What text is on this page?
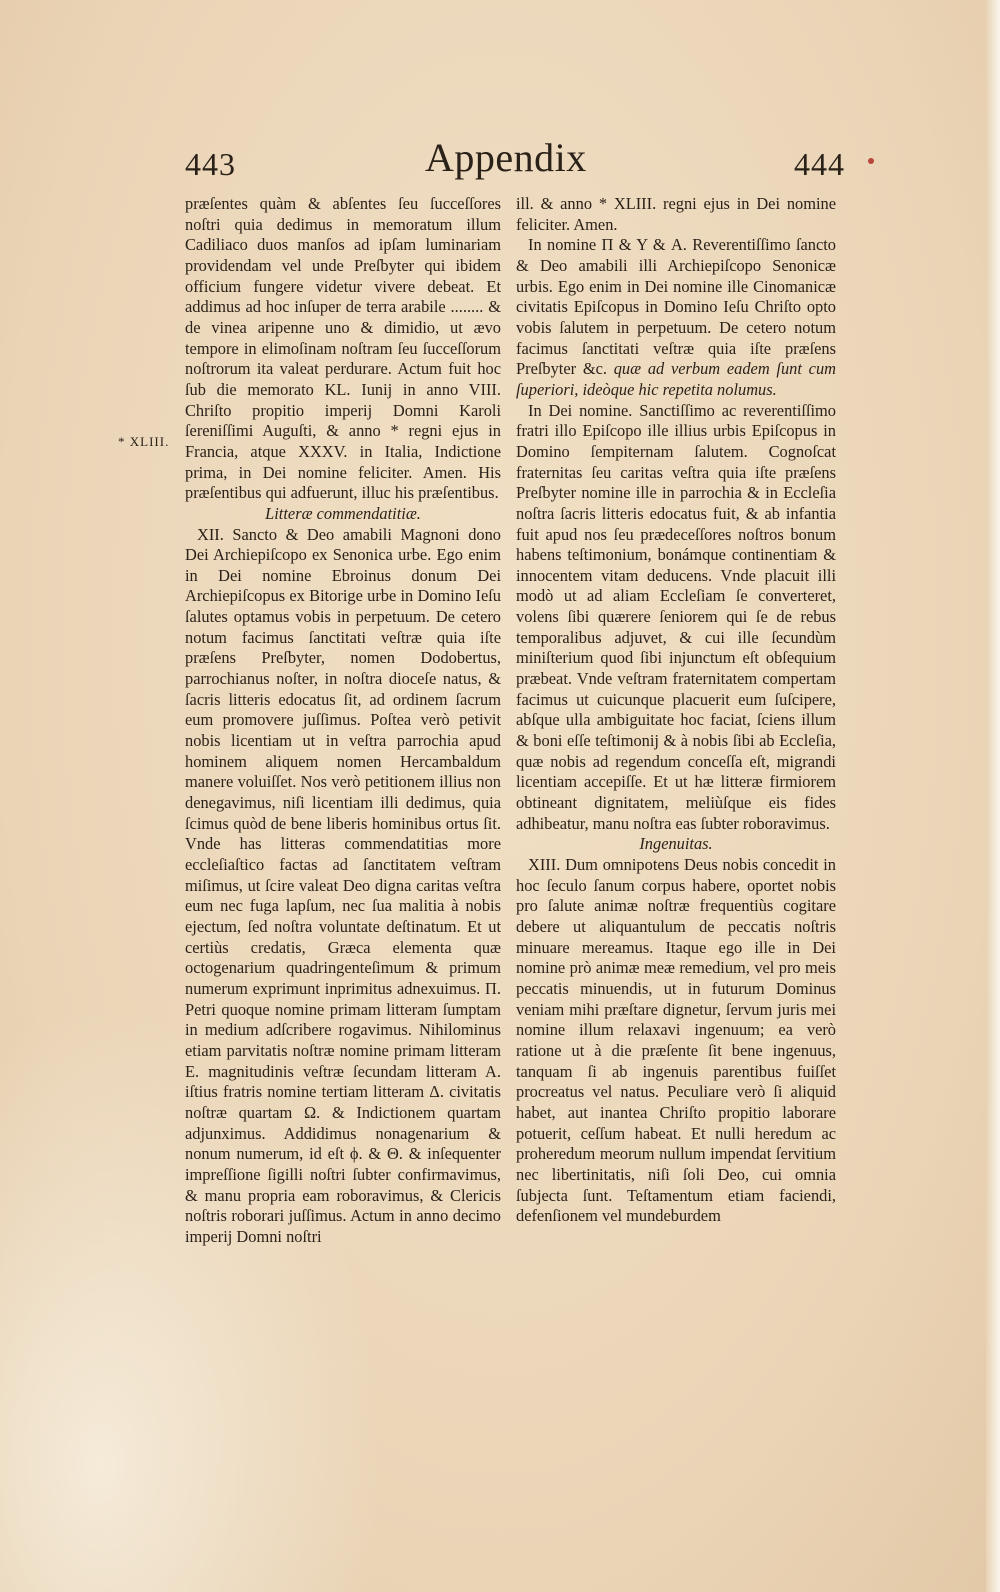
443	Appendix	444
* XLIII.

præſentes quàm & abſentes ſeu ſucceſſores noſtri quia dedimus in memoratum illum Cadiliaco duos manſos ad ipſam luminariam providendam vel unde Preſbyter qui ibidem officium fungere videtur vivere debeat. Et addimus ad hoc inſuper de terra arabile ........ & de vinea aripenne uno & dimidio, ut ævo tempore in elimoſinam noſtram ſeu ſucceſſorum noſtrorum ita valeat perdurare. Actum fuit hoc ſub die memorato KL. Iunij in anno VIII. Chriſto propitio imperij Domni Karoli ſereniſſimi Auguſti, & anno * regni ejus in Francia, atque XXXV. in Italia, Indictione prima, in Dei nomine feliciter. Amen. His præſentibus qui adfuerunt, illuc his præſentibus.

Litteræ commendatitiæ.

XII. Sancto & Deo amabili Magnoni dono Dei Archiepiſcopo ex Senonica urbe. Ego enim in Dei nomine Ebroinus donum Dei Archiepiſcopus ex Bitorige urbe in Domino Ieſu ſalutes optamus vobis in perpetuum. De cetero notum facimus ſanctitati veſtræ quia iſte præſens Preſbyter, nomen Dodobertus, parrochianus noſter, in noſtra dioceſe natus, & ſacris litteris edocatus ſit, ad ordinem ſacrum eum promovere juſſimus. Poſtea verò petivit nobis licentiam ut in veſtra parrochia apud hominem aliquem nomen Hercambaldum manere voluiſſet. Nos verò petitionem illius non denegavimus, niſi licentiam illi dedimus, quia ſcimus quòd de bene liberis hominibus ortus ſit. Vnde has litteras commendatitias more eccleſiaſtico factas ad ſanctitatem veſtram miſimus, ut ſcire valeat Deo digna caritas veſtra eum nec fuga lapſum, nec ſua malitia à nobis ejectum, ſed noſtra voluntate deſtinatum. Et ut certiùs credatis, Græca elementa quæ octogenarium quadringenteſimum & primum numerum exprimunt inprimitus adnexuimus. Π. Petri quoque nomine primam litteram ſumptam in medium adſcribere rogavimus. Nihilominus etiam parvitatis noſtræ nomine primam litteram E. magnitudinis veſtræ ſecundam litteram A. iſtius fratris nomine tertiam litteram Δ. civitatis noſtræ quartam Ω. & Indictionem quartam adjunximus. Addidimus nonagenarium & nonum numerum, id eſt ϕ. & Θ. & inſequenter impreſſione ſigilli noſtri ſubter confirmavimus, & manu propria eam roboravimus, & Clericis noſtris roborari juſſimus. Actum in anno decimo imperij Domni noſtri

ill. & anno * XLIII. regni ejus in Dei nomine feliciter. Amen.

In nomine Π & Υ & A. Reverentiſſimo ſancto & Deo amabili illi Archiepiſcopo Senonicæ urbis. Ego enim in Dei nomine ille Cinomanicæ civitatis Epiſcopus in Domino Ieſu Chriſto opto vobis ſalutem in perpetuum. De cetero notum facimus ſanctitati veſtræ quia iſte præſens Preſbyter &c. quæ ad verbum eadem ſunt cum ſuperiori, ideòque hic repetita nolumus.

In Dei nomine. Sanctiſſimo ac reverentiſſimo fratri illo Epiſcopo ille illius urbis Epiſcopus in Domino ſempiternam ſalutem. Cognoſcat fraternitas ſeu caritas veſtra quia iſte præſens Preſbyter nomine ille in parrochia & in Eccleſia noſtra ſacris litteris edocatus fuit, & ab infantia fuit apud nos ſeu prædeceſſores noſtros bonum habens teſtimonium, bonámque continentiam & innocentem vitam deducens. Vnde placuit illi modò ut ad aliam Eccleſiam ſe converteret, volens ſibi quærere ſeniorem qui ſe de rebus temporalibus adjuvet, & cui ille ſecundùm miniſterium quod ſibi injunctum eſt obſequium præbeat. Vnde veſtram fraternitatem compertam facimus ut cuicunque placuerit eum ſuſcipere, abſque ulla ambiguitate hoc faciat, ſciens illum & boni eſſe teſtimonij & à nobis ſibi ab Eccleſia, quæ nobis ad regendum conceſſa eſt, migrandi licentiam accepiſſe. Et ut hæ litteræ firmiorem obtineant dignitatem, meliùſque eis fides adhibeatur, manu noſtra eas ſubter roboravimus.

Ingenuitas.

XIII. Dum omnipotens Deus nobis concedit in hoc ſeculo ſanum corpus habere, oportet nobis pro ſalute animæ noſtræ frequentiùs cogitare debere ut aliquantulum de peccatis noſtris minuare mereamus. Itaque ego ille in Dei nomine prò animæ meæ remedium, vel pro meis peccatis minuendis, ut in futurum Dominus veniam mihi præſtare dignetur, ſervum juris mei nomine illum relaxavi ingenuum; ea verò ratione ut à die præſente ſit bene ingenuus, tanquam ſi ab ingenuis parentibus fuiſſet procreatus vel natus. Peculiare verò ſi aliquid habet, aut inantea Chriſto propitio laborare potuerit, ceſſum habeat. Et nulli heredum ac proheredum meorum nullum impendat ſervitium nec libertinitatis, niſi ſoli Deo, cui omnia ſubjecta ſunt. Teſtamentum etiam faciendi, defenſionem vel mundeburdem
